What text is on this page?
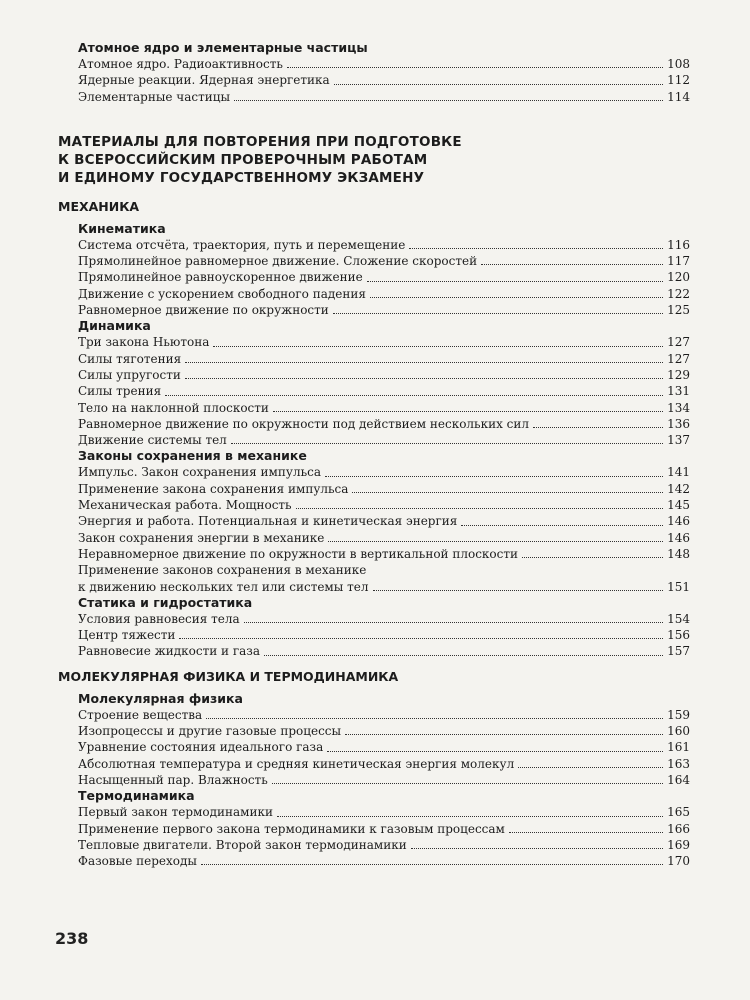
Атомное ядро и элементарные частицы
Атомное ядро. Радиоактивность	108
Ядерные реакции. Ядерная энергетика	112
Элементарные частицы	114
МАТЕРИАЛЫ ДЛЯ ПОВТОРЕНИЯ ПРИ ПОДГОТОВКЕ
К ВСЕРОССИЙСКИМ ПРОВЕРОЧНЫМ РАБОТАМ
И ЕДИНОМУ ГОСУДАРСТВЕННОМУ ЭКЗАМЕНУ
МЕХАНИКА
Кинематика
Система отсчёта, траектория, путь и перемещение	116
Прямолинейное равномерное движение. Сложение скоростей	117
Прямолинейное равноускоренное движение	120
Движение с ускорением свободного падения	122
Равномерное движение по окружности	125
Динамика
Три закона Ньютона	127
Силы тяготения	127
Силы упругости	129
Силы трения	131
Тело на наклонной плоскости	134
Равномерное движение по окружности под действием нескольких сил	136
Движение системы тел	137
Законы сохранения в механике
Импульс. Закон сохранения импульса	141
Применение закона сохранения импульса	142
Механическая работа. Мощность	145
Энергия и работа. Потенциальная и кинетическая энергия	146
Закон сохранения энергии в механике	146
Неравномерное движение по окружности в вертикальной плоскости	148
Применение законов сохранения в механике
к движению нескольких тел или системы тел	151
Статика и гидростатика
Условия равновесия тела	154
Центр тяжести	156
Равновесие жидкости и газа	157
МОЛЕКУЛЯРНАЯ ФИЗИКА И ТЕРМОДИНАМИКА
Молекулярная физика
Строение вещества	159
Изопроцессы и другие газовые процессы	160
Уравнение состояния идеального газа	161
Абсолютная температура и средняя кинетическая энергия молекул	163
Насыщенный пар. Влажность	164
Термодинамика
Первый закон термодинамики	165
Применение первого закона термодинамики к газовым процессам	166
Тепловые двигатели. Второй закон термодинамики	169
Фазовые переходы	170
238
